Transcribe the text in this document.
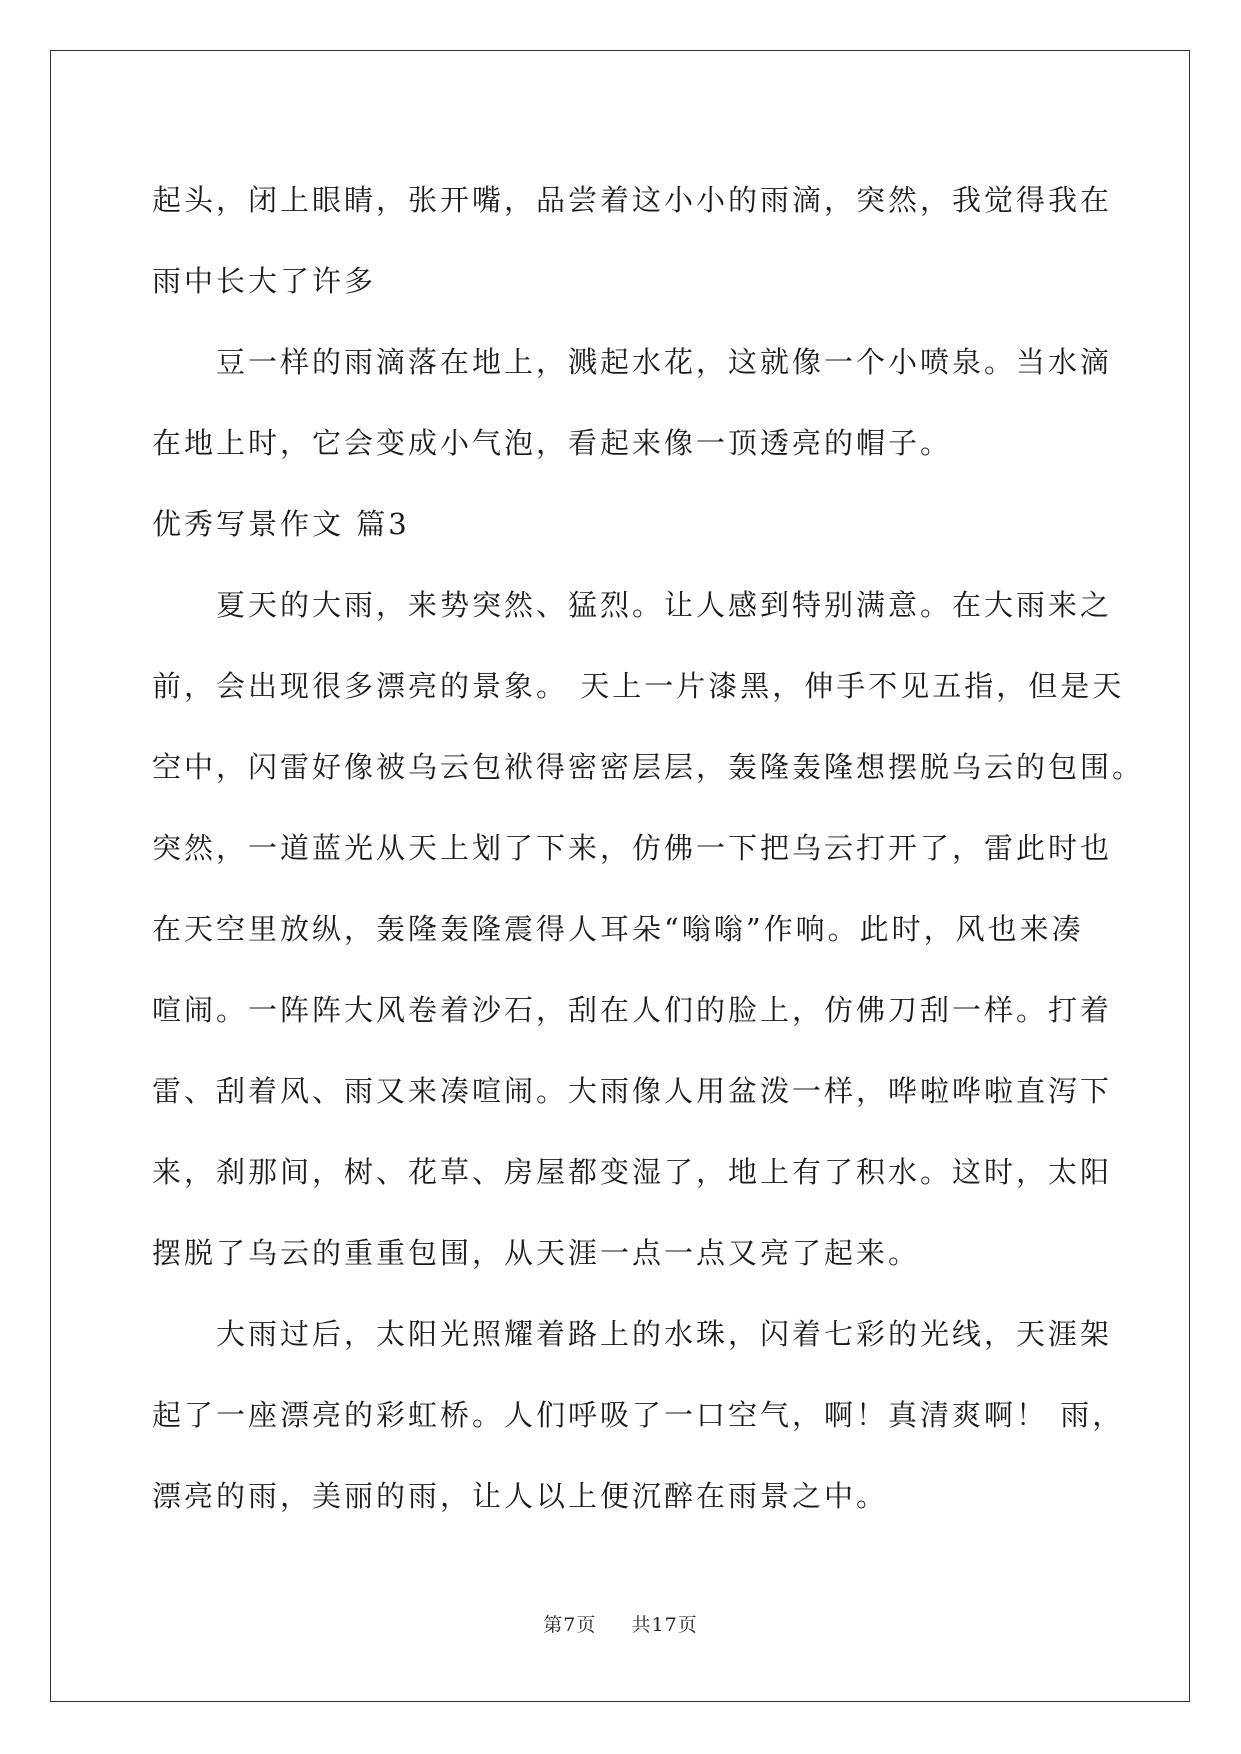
起头，闭上眼睛，张开嘴，品尝着这小小的雨滴，突然，我觉得我在
雨中长大了许多
豆一样的雨滴落在地上，溅起水花，这就像一个小喷泉。当水滴
在地上时，它会变成小气泡，看起来像一顶透亮的帽子。
优秀写景作文 篇3
夏天的大雨，来势突然、猛烈。让人感到特别满意。在大雨来之
前，会出现很多漂亮的景象。 天上一片漆黑，伸手不见五指，但是天
空中，闪雷好像被乌云包袱得密密层层，轰隆轰隆想摆脱乌云的包围。
突然，一道蓝光从天上划了下来，仿佛一下把乌云打开了，雷此时也
在天空里放纵，轰隆轰隆震得人耳朵“嗡嗡”作响。此时，风也来凑
喧闹。一阵阵大风卷着沙石，刮在人们的脸上，仿佛刀刮一样。打着
雷、刮着风、雨又来凑喧闹。大雨像人用盆泼一样，哗啦哗啦直泻下
来，刹那间，树、花草、房屋都变湿了，地上有了积水。这时，太阳
摆脱了乌云的重重包围，从天涯一点一点又亮了起来。
大雨过后，太阳光照耀着路上的水珠，闪着七彩的光线，天涯架
起了一座漂亮的彩虹桥。人们呼吸了一口空气，啊！真清爽啊！ 雨，
漂亮的雨，美丽的雨，让人以上便沉醉在雨景之中。
第7页 共17页
